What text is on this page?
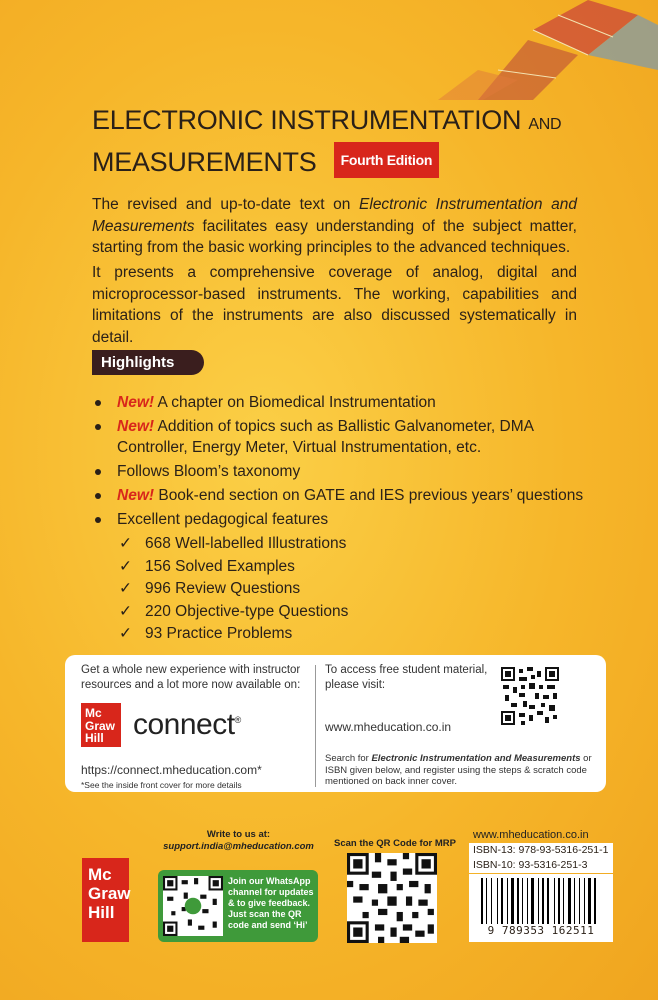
ELECTRONIC INSTRUMENTATION AND
MEASUREMENTS Fourth Edition
The revised and up-to-date text on Electronic Instrumentation and Measurements facilitates easy understanding of the subject matter, starting from the basic working principles to the advanced techniques.
It presents a comprehensive coverage of analog, digital and microprocessor-based instruments. The working, capabilities and limitations of the instruments are also discussed systematically in detail.
Highlights
New! A chapter on Biomedical Instrumentation
New! Addition of topics such as Ballistic Galvanometer, DMA Controller, Energy Meter, Virtual Instrumentation, etc.
Follows Bloom’s taxonomy
New! Book-end section on GATE and IES previous years’ questions
Excellent pedagogical features
✓ 668 Well-labelled Illustrations
✓ 156 Solved Examples
✓ 996 Review Questions
✓ 220 Objective-type Questions
✓ 93 Practice Problems
Get a whole new experience with instructor resources and a lot more now available on:
Mc
Graw
Hill connect®
https://connect.mheducation.com*
*See the inside front cover for more details
To access free student material, please visit:
www.mheducation.co.in
Search for Electronic Instrumentation and Measurements or ISBN given below, and register using the steps & scratch code mentioned on back inner cover.
Mc
Graw
Hill
Write to us at:
support.india@mheducation.com
Join our WhatsApp channel for updates & to give feedback. Just scan the QR code and send ‘Hi’
Scan the QR Code for MRP
www.mheducation.co.in
ISBN-13: 978-93-5316-251-1
ISBN-10: 93-5316-251-3
9 789353 162511
